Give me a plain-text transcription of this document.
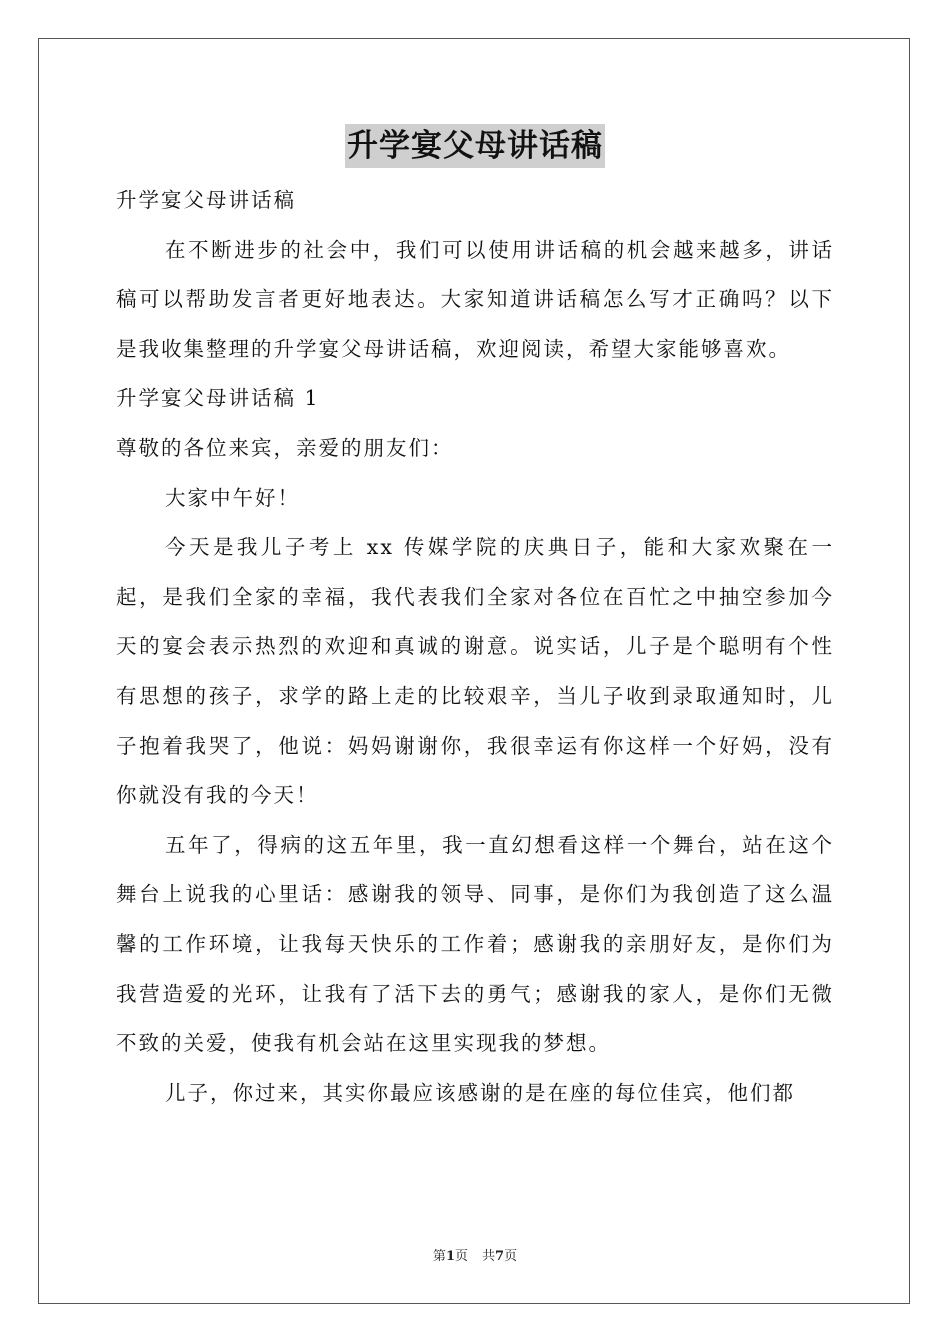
升学宴父母讲话稿

升学宴父母讲话稿

在不断进步的社会中，我们可以使用讲话稿的机会越来越多，讲话稿可以帮助发言者更好地表达。大家知道讲话稿怎么写才正确吗？以下是我收集整理的升学宴父母讲话稿，欢迎阅读，希望大家能够喜欢。

升学宴父母讲话稿 1

尊敬的各位来宾，亲爱的朋友们：

大家中午好！

今天是我儿子考上 xx 传媒学院的庆典日子，能和大家欢聚在一起，是我们全家的幸福，我代表我们全家对各位在百忙之中抽空参加今天的宴会表示热烈的欢迎和真诚的谢意。说实话，儿子是个聪明有个性有思想的孩子，求学的路上走的比较艰辛，当儿子收到录取通知时，儿子抱着我哭了，他说：妈妈谢谢你，我很幸运有你这样一个好妈，没有你就没有我的今天！

五年了，得病的这五年里，我一直幻想看这样一个舞台，站在这个舞台上说我的心里话：感谢我的领导、同事，是你们为我创造了这么温馨的工作环境，让我每天快乐的工作着；感谢我的亲朋好友，是你们为我营造爱的光环，让我有了活下去的勇气；感谢我的家人，是你们无微不致的关爱，使我有机会站在这里实现我的梦想。

儿子，你过来，其实你最应该感谢的是在座的每位佳宾，他们都

第1页 共7页
